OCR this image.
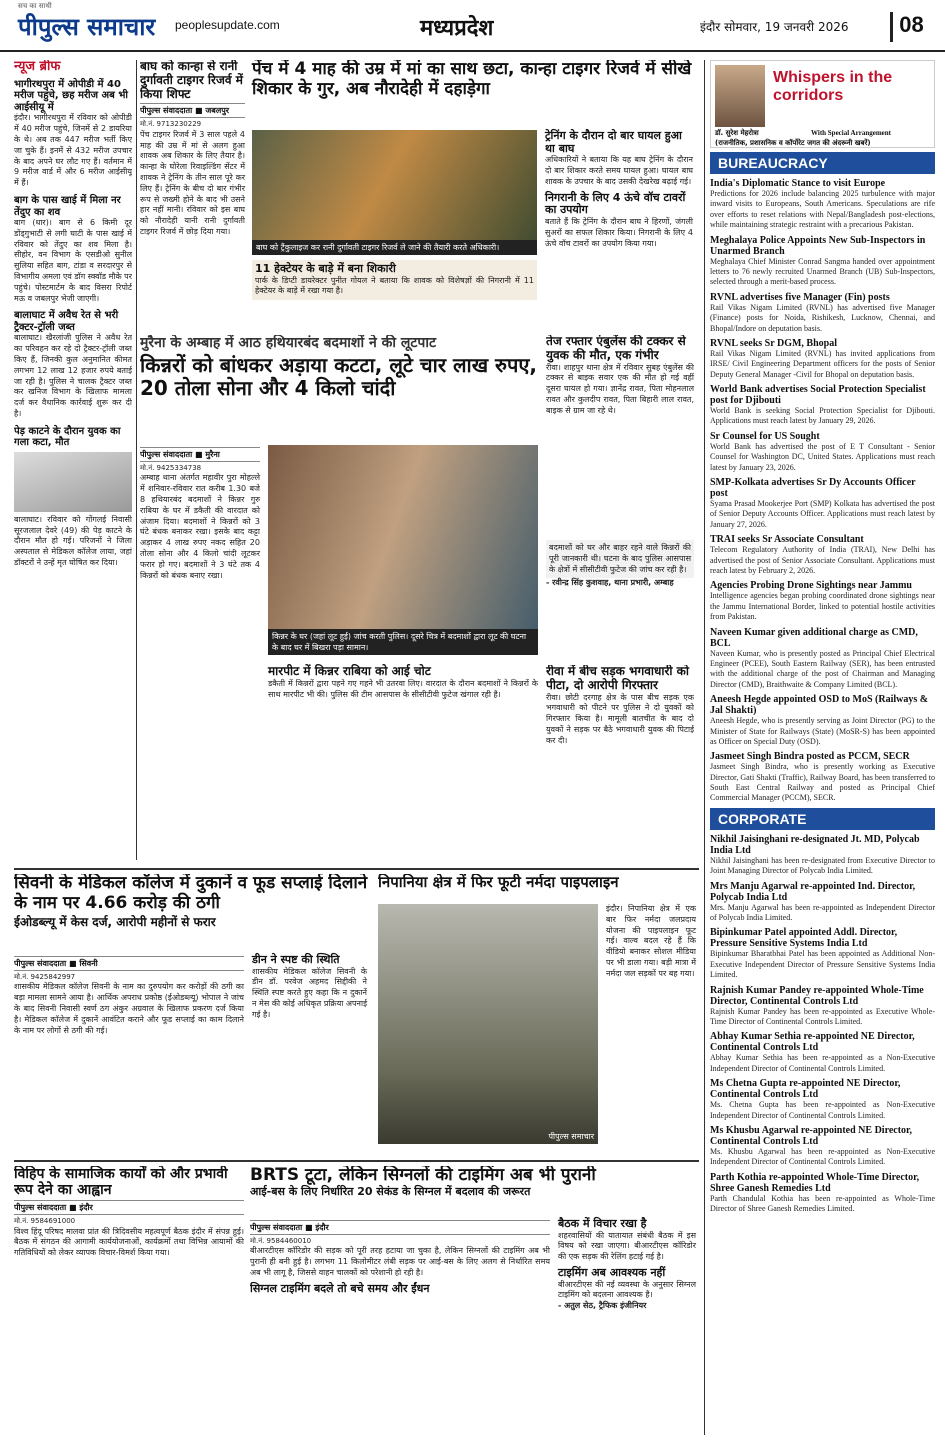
सच का साथी
पीपुल्स समाचार peoplesupdate.com	मध्यप्रदेश	इंदौर सोमवार, 19 जनवरी 2026	08
न्यूज ब्रीफ
भागीरथपुरा में ओपीडी में 40 मरीज पहुंचे, छह मरीज अब भी आईसीयू में
इंदौर। भागीरथपुरा में रविवार को ओपीडी में 40 मरीज पहुंचे, जिनमें से 2 डायरिया के थे। अब तक 447 मरीज भर्ती किए जा चुके हैं। इनमें से 432 मरीज उपचार के बाद अपने घर लौट गए हैं। वर्तमान में 9 मरीज वार्ड में और 6 मरीज आईसीयू में हैं।
बाग के पास खाई में मिला नर तेंदुए का शव
बाग (धार)। बाग से 6 किमी दूर डोंड्‌गुभाटी से लगी घाटी के पास खाई में रविवार को तेंदुए का शव मिला है। सीहोर, वन विभाग के एसडीओ सुनील सुलिया सहित बाग, टांडा व सरदारपुर से विभागीय अमला एवं डॉग स्क्वॉड मौके पर पहुंचे। पोस्टमार्टम के बाद विसरा रिपोर्ट मऊ व जबलपुर भेजी जाएगी।
बालाघाट में अवैध रेत से भरी ट्रैक्टर-ट्रॉली जब्त
बालाघाट। खैरलांजी पुलिस ने अवैध रेत का परिवहन कर रहे दो ट्रैक्टर-ट्रॉली जब्त किए हैं, जिनकी कुल अनुमानित कीमत लगभग 12 लाख 12 हजार रुपये बताई जा रही है। पुलिस ने चालक ट्रैक्टर जब्त कर खनिज विभाग के खिलाफ मामला दर्ज कर वैधानिक कार्रवाई शुरू कर दी है।
पेड़ काटने के दौरान युवक का गला कटा, मौत
बालाघाट। रविवार को गोंगलई निवासी सूरजलाल देवरे (49) की पेड़ काटने के दौरान मौत हो गई। परिजनों ने जिला अस्पताल से मेडिकल कॉलेज लाया, जहां डॉक्टरों ने उन्हें मृत घोषित कर दिया।
बाघ को कान्हा से रानी दुर्गावती टाइगर रिजर्व में किया शिफ्ट
पीपुल्स संवाददाता ■ जबलपुर
मो.नं. 9713230229
पेंच टाइगर रिजर्व में 3 साल पहले 4 माह की उम्र में मां से अलग हुआ शावक अब शिकार के लिए तैयार है। कान्हा के घोरेला रिवाइल्डिंग सेंटर में शावक ने ट्रेनिंग के तीन साल पूरे कर लिए हैं। ट्रेनिंग के बीच दो बार गंभीर रूप से जख्मी होने के बाद भी उसने हार नहीं मानी। रविवार को इस बाघ को नौरादेही यानी रानी दुर्गावती टाइगर रिजर्व में छोड़ दिया गया।
पेंच में 4 माह की उम्र में मां का साथ छटा, कान्हा टाइगर रिजर्व में सीखे शिकार के गुर, अब नौरादेही में दहाड़ेगा
बाघ को ट्रैंकुलाइज कर रानी दुर्गावती टाइगर रिजर्व ले जाने की तैयारी करते अधिकारी।
11 हेक्टेयर के बाड़े में बना शिकारी
पार्क के डिप्टी डायरेक्टर पुनीत गोयल ने बताया कि शावक को विशेषज्ञों की निगरानी में 11 हेक्टेयर के बाड़े में रखा गया है।
ट्रेनिंग के दौरान दो बार घायल हुआ था बाघ
अधिकारियों ने बताया कि यह बाघ ट्रेनिंग के दौरान दो बार शिकार करते समय घायल हुआ। घायल बाघ शावक के उपचार के बाद उसकी देखरेख बढ़ाई गई।
निगरानी के लिए 4 ऊंचे वॉच टावरों का उपयोग
बताते हैं कि ट्रेनिंग के दौरान बाघ ने हिरणों, जंगली सुअरों का सफल शिकार किया। निगरानी के लिए 4 ऊंचे वॉच टावरों का उपयोग किया गया।
तेज रफ्तार एंबुलेंस की टक्कर से युवक की मौत, एक गंभीर
रीवा। शाहपुर थाना क्षेत्र में रविवार सुबह एंबुलेंस की टक्कर से बाइक सवार एक की मौत हो गई वहीं दूसरा घायल हो गया। ज्ञानेंद्र रावत, पिता मोहनलाल रावत और कुलदीप रावत, पिता बिहारी लाल रावत, बाइक से ग्राम जा रहे थे।
मुरैना के अम्बाह में आठ हथियारबंद बदमाशों ने की लूटपाट
किन्नरों को बांधकर अड़ाया कटटा, लूटे चार लाख रुपए, 20 तोला सोना और 4 किलो चांदी
पीपुल्स संवाददाता ■ मुरैना
मो.नं. 9425334738
अम्बाह थाना अंतर्गत महावीर पुरा मोहल्ले में शनिवार-रविवार रात करीब 1.30 बजे 8 हथियारबंद बदमाशों ने किन्नर गुरु राबिया के घर में डकैती की वारदात को अंजाम दिया। बदमाशों ने किन्नरों को 3 घंटे बंधक बनाकर रखा। इसके बाद कट्टा अड़ाकर 4 लाख रुपए नकद सहित 20 तोला सोना और 4 किलो चांदी लूटकर फरार हो गए। बदमाशों ने 3 घंटे तक 4 किन्नरों को बंधक बनाए रखा।
किन्नर के घर (जहां लूट हुई) जांच करती पुलिस। दूसरे चित्र में बदमाशों द्वारा लूट की घटना के बाद घर में बिखरा पड़ा सामान।
मारपीट में किन्नर राबिया को आई चोट
डकैती में किन्नरों द्वारा पहने गए गहने भी उतरवा लिए। वारदात के दौरान बदमाशों ने किन्नरों के साथ मारपीट भी की। पुलिस की टीम आसपास के सीसीटीवी फुटेज खंगाल रही है।
बदमाशों को घर और बाहर रहने वाले किन्नरों की पूरी जानकारी थी। घटना के बाद पुलिस आसपास के क्षेत्रों में सीसीटीवी फुटेज की जांच कर रही है।
- रवीन्द्र सिंह कुशवाह, थाना प्रभारी, अम्बाह
रीवा में बीच सड़क भगवाधारी को पीटा, दो आरोपी गिरफ्तार
रीवा। छोटी दरगाह क्षेत्र के पास बीच सड़क एक भगवाधारी को पीटने पर पुलिस ने दो युवकों को गिरफ्तार किया है। मामूली बातचीत के बाद दो युवकों ने सड़क पर बैठे भगवाधारी युवक की पिटाई कर दी।
सिवनी के मेडिकल कॉलेज में दुकानें व फूड सप्लाई दिलाने के नाम पर 4.66 करोड़ की ठगी
ईओडब्ल्यू में केस दर्ज, आरोपी महीनों से फरार
पीपुल्स संवाददाता ■ सिवनी
मो.नं. 9425842997
शासकीय मेडिकल कॉलेज सिवनी के नाम का दुरुपयोग कर करोड़ों की ठगी का बड़ा मामला सामने आया है। आर्थिक अपराध प्रकोष्ठ (ईओडब्ल्यू) भोपाल ने जांच के बाद सिवनी निवासी स्वर्ण ठग अंकुर अग्रवाल के खिलाफ प्रकरण दर्ज किया है। मेडिकल कॉलेज में दुकानें आवंटित कराने और फूड सप्लाई का काम दिलाने के नाम पर लोगों से ठगी की गई।
डीन ने स्पष्ट की स्थिति
शासकीय मेडिकल कॉलेज सिवनी के डीन डॉ. परवेज अहमद सिद्दीकी ने स्थिति स्पष्ट करते हुए कहा कि न दुकानें न मेस की कोई अधिकृत प्रक्रिया अपनाई गई है।
निपानिया क्षेत्र में फिर फूटी नर्मदा पाइपलाइन
पीपुल्स समाचार
इंदौर। निपानिया क्षेत्र में एक बार फिर नर्मदा जलप्रदाय योजना की पाइपलाइन फूट गई। वाल्व बदल रहे हैं कि वीडियो बनाकर सोशल मीडिया पर भी डाला गया। बड़ी मात्रा में नर्मदा जल सड़कों पर बह गया।
विहिप के सामाजिक कार्यों को और प्रभावी रूप देने का आह्वान
पीपुल्स संवाददाता ■ इंदौर
मो.नं. 9584691000
विश्व हिंदू परिषद मालवा प्रांत की त्रिदिवसीय महत्वपूर्ण बैठक इंदौर में संपन्न हुई। बैठक में संगठन की आगामी कार्ययोजनाओं, कार्यक्रमों तथा विभिन्न आयामों की गतिविधियों को लेकर व्यापक विचार-विमर्श किया गया।
BRTS टूटा, लेकिन सिग्नलों की टाइमिंग अब भी पुरानी
आई-बस के लिए निर्धारित 20 सेकंड के सिग्नल में बदलाव की जरूरत
पीपुल्स संवाददाता ■ इंदौर
मो.नं. 9584460010
बीआरटीएस कॉरिडोर की सड़क को पूरी तरह हटाया जा चुका है, लेकिन सिग्नलों की टाइमिंग अब भी पुरानी ही बनी हुई है। लगभग 11 किलोमीटर लंबी सड़क पर आई-बस के लिए अलग से निर्धारित समय अब भी लागू है, जिससे वाहन चालकों को परेशानी हो रही है।
सिग्नल टाइमिंग बदले तो बचे समय और ईंधन
बैठक में विचार रखा है
शहरवासियों की यातायात संबंधी बैठक में इस विषय को रखा जाएगा। बीआरटीएस कॉरिडोर की एक सड़क की रेलिंग हटाई गई है।
टाइमिंग अब आवश्यक नहीं
बीआरटीएस की नई व्यवस्था के अनुसार सिग्नल टाइमिंग को बदलना आवश्यक है।
- अतुल सेठ, ट्रैफिक इंजीनियर
Whispers in the corridors
डॉ. सुरेश मेहरोत्रा	With Special Arrangement
(राजनीतिक, प्रशासनिक व कॉर्पोरेट जगत की अंदरूनी खबरें)
BUREAUCRACY
India's Diplomatic Stance to visit Europe
Predictions for 2026 include balancing 2025 turbulence with major inward visits to Europeans, South Americans. Speculations are rife over efforts to reset relations with Nepal/Bangladesh post-elections, while maintaining strategic restraint with a precarious Pakistan.
Meghalaya Police Appoints New Sub-Inspectors in Unarmed Branch
Meghalaya Chief Minister Conrad Sangma handed over appointment letters to 76 newly recruited Unarmed Branch (UB) Sub-Inspectors, selected through a merit-based process.
RVNL advertises five Manager (Fin) posts
Rail Vikas Nigam Limited (RVNL) has advertised five Manager (Finance) posts for Noida, Rishikesh, Lucknow, Chennai, and Bhopal/Indore on deputation basis.
RVNL seeks Sr DGM, Bhopal
Rail Vikas Nigam Limited (RVNL) has invited applications from IRSE/ Civil Engineering Department officers for the posts of Senior Deputy General Manager -Civil for Bhopal on deputation basis.
World Bank advertises Social Protection Specialist post for Djibouti
World Bank is seeking Social Protection Specialist for Djibouti. Applications must reach latest by January 29, 2026.
Sr Counsel for US Sought
World Bank has advertised the post of E T Consultant - Senior Counsel for Washington DC, United States. Applications must reach latest by January 23, 2026.
SMP-Kolkata advertises Sr Dy Accounts Officer post
Syama Prasad Mookerjee Port (SMP) Kolkata has advertised the post of Senior Deputy Accounts Officer. Applications must reach latest by January 27, 2026.
TRAI seeks Sr Associate Consultant
Telecom Regulatory Authority of India (TRAI), New Delhi has advertised the post of Senior Associate Consultant. Applications must reach latest by February 2, 2026.
Agencies Probing Drone Sightings near Jammu
Intelligence agencies began probing coordinated drone sightings near the Jammu International Border, linked to potential hostile activities from Pakistan.
Naveen Kumar given additional charge as CMD, BCL
Naveen Kumar, who is presently posted as Principal Chief Electrical Engineer (PCEE), South Eastern Railway (SER), has been entrusted with the additional charge of the post of Chairman and Managing Director (CMD), Braithwaite & Company Limited (BCL).
Aneesh Hegde appointed OSD to MoS (Railways & Jal Shakti)
Aneesh Hegde, who is presently serving as Joint Director (PG) to the Minister of State for Railways (State) (MoSR-S) has been appointed as Officer on Special Duty (OSD).
Jasmeet Singh Bindra posted as PCCM, SECR
Jasmeet Singh Bindra, who is presently working as Executive Director, Gati Shakti (Traffic), Railway Board, has been transferred to South East Central Railway and posted as Principal Chief Commercial Manager (PCCM), SECR.
CORPORATE
Nikhil Jaisinghani re-designated Jt. MD, Polycab India Ltd
Nikhil Jaisinghani has been re-designated from Executive Director to Joint Managing Director of Polycab India Limited.
Mrs Manju Agarwal re-appointed Ind. Director, Polycab India Ltd
Mrs. Manju Agarwal has been re-appointed as Independent Director of Polycab India Limited.
Bipinkumar Patel appointed Addl. Director, Pressure Sensitive Systems India Ltd
Bipinkumar Bharatbhai Patel has been appointed as Additional Non-Executive Independent Director of Pressure Sensitive Systems India Limited.
Rajnish Kumar Pandey re-appointed Whole-Time Director, Continental Controls Ltd
Rajnish Kumar Pandey has been re-appointed as Executive Whole-Time Director of Continental Controls Limited.
Abhay Kumar Sethia re-appointed NE Director, Continental Controls Ltd
Abhay Kumar Sethia has been re-appointed as a Non-Executive Independent Director of Continental Controls Limited.
Ms Chetna Gupta re-appointed NE Director, Continental Controls Ltd
Ms. Chetna Gupta has been re-appointed as Non-Executive Independent Director of Continental Controls Limited.
Ms Khusbu Agarwal re-appointed NE Director, Continental Controls Ltd
Ms. Khusbu Agarwal has been re-appointed as Non-Executive Independent Director of Continental Controls Limited.
Parth Kothia re-appointed Whole-Time Director, Shree Ganesh Remedies Ltd
Parth Chandulal Kothia has been re-appointed as Whole-Time Director of Shree Ganesh Remedies Limited.
